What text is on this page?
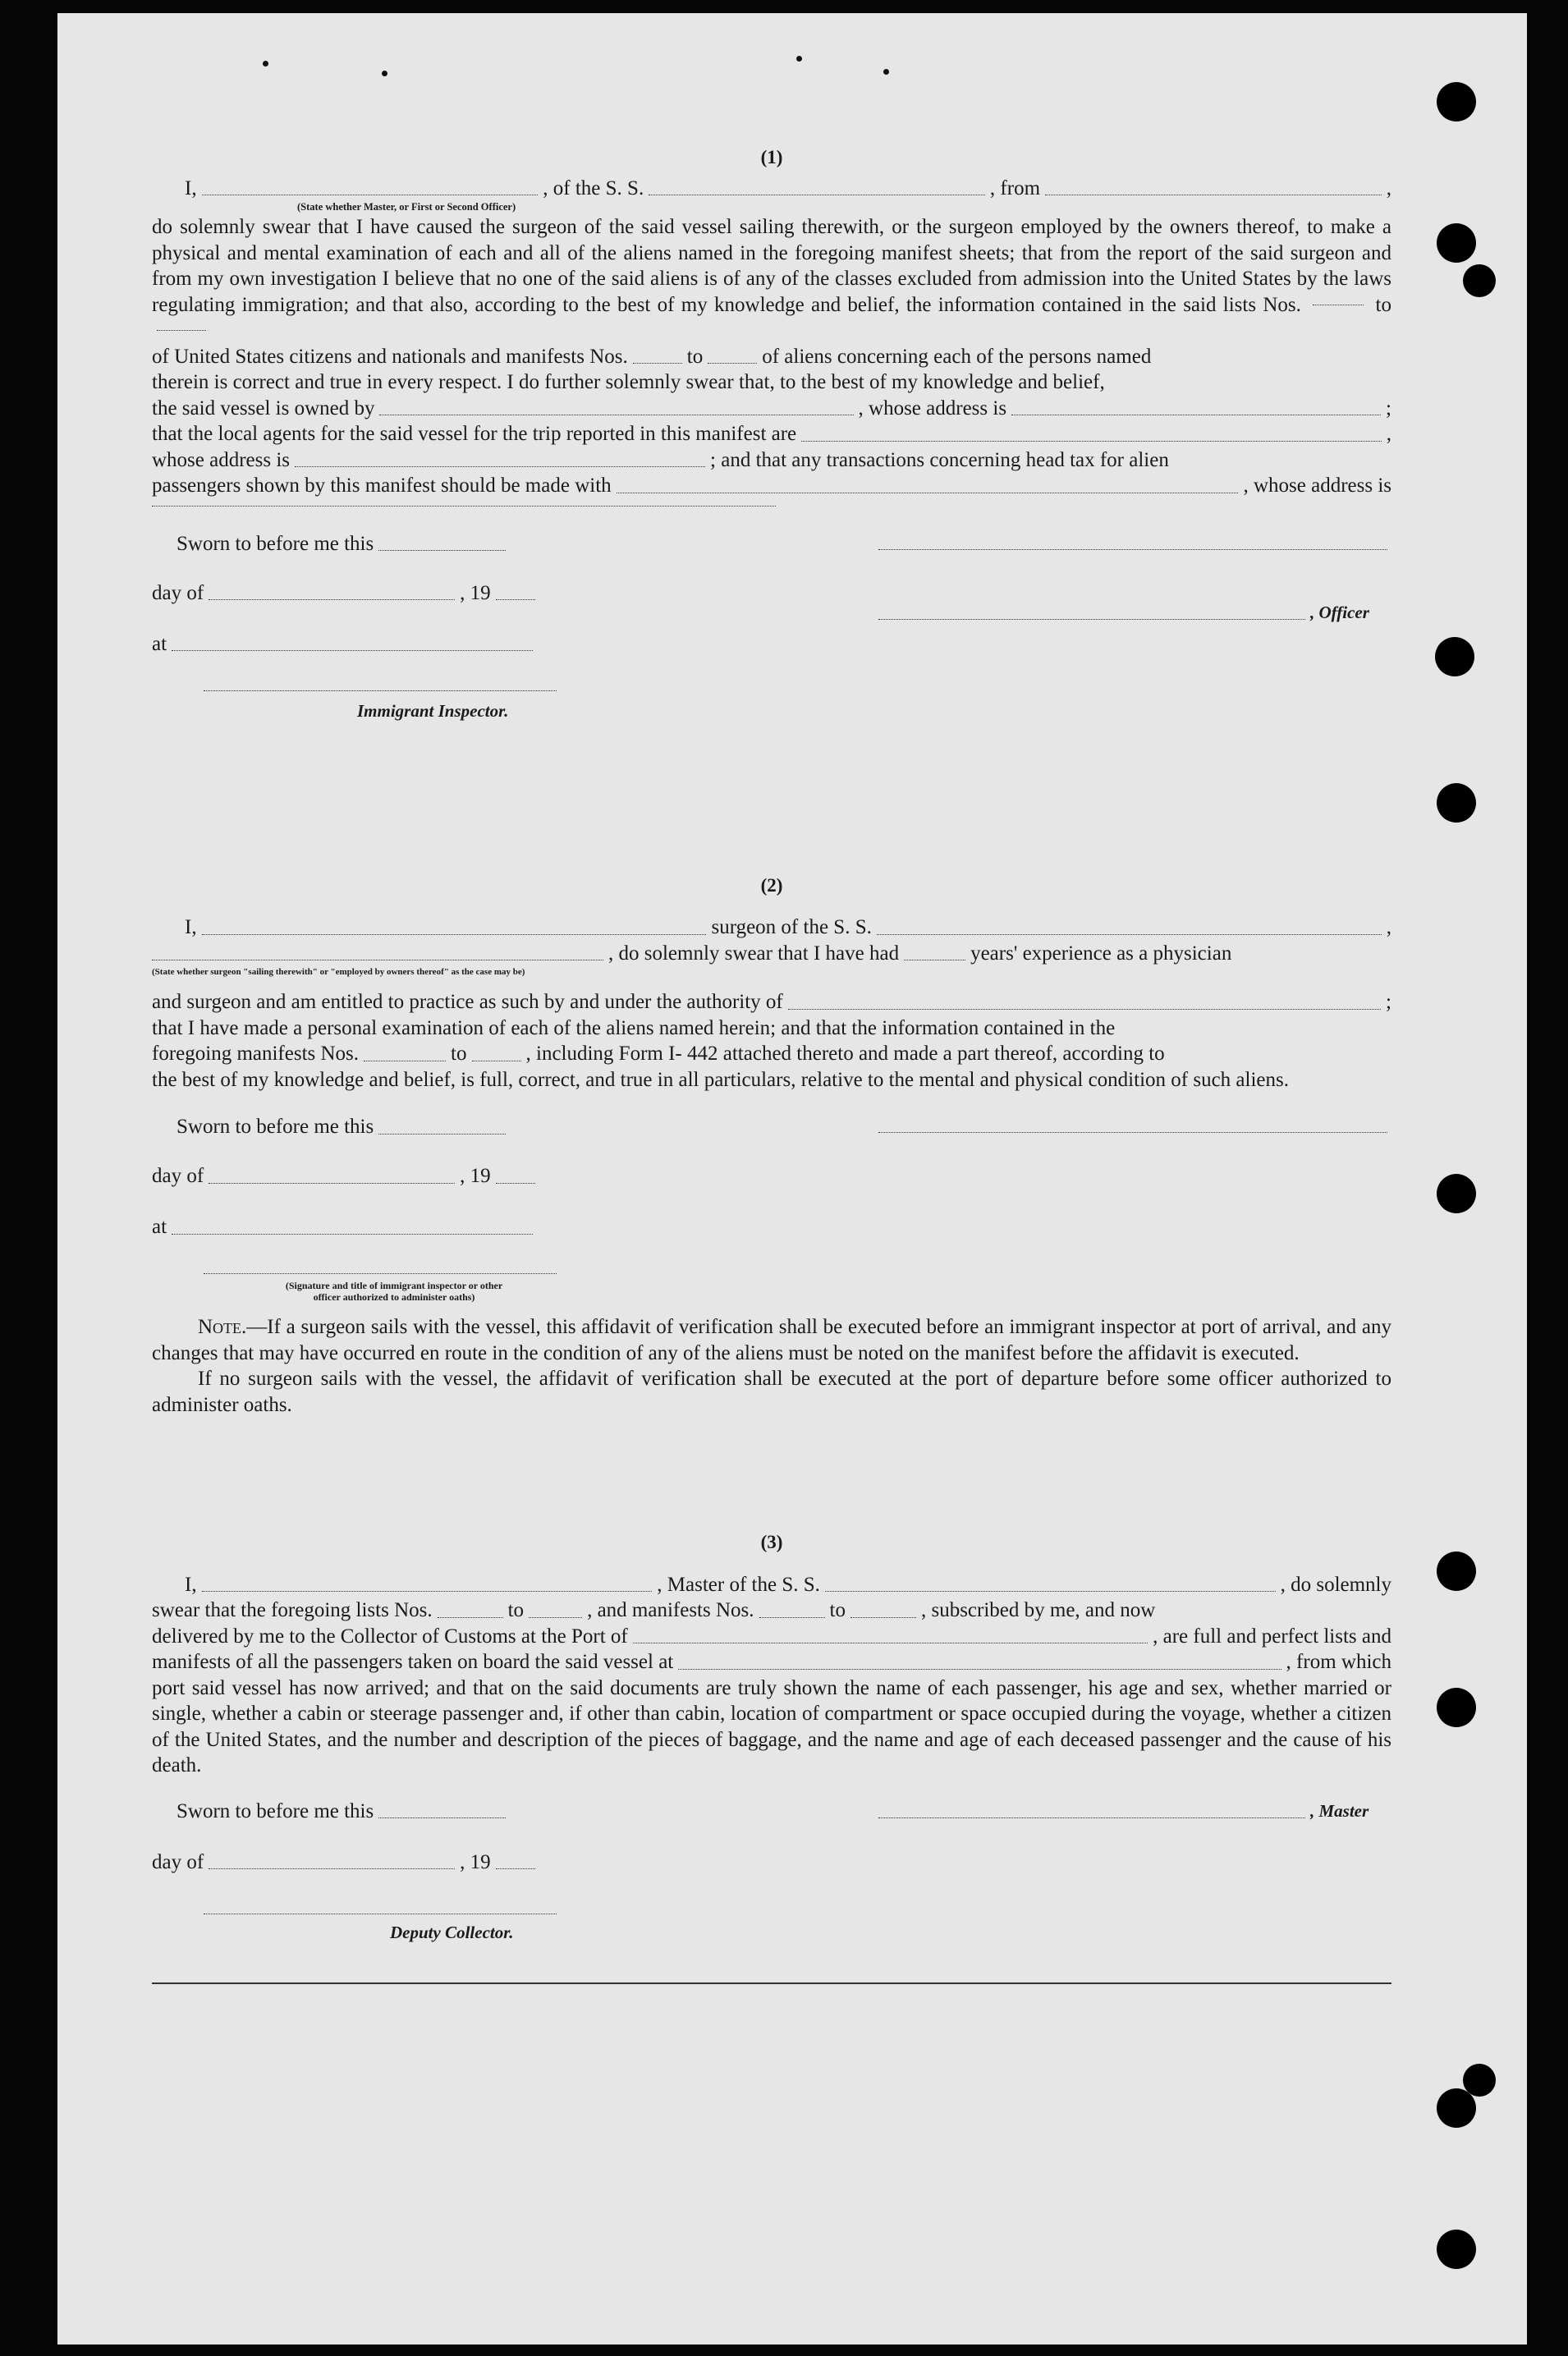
(1)
I,	, of the S. S.	, from	,
(State whether Master, or First or Second Officer)
do solemnly swear that I have caused the surgeon of the said vessel sailing therewith, or the surgeon employed by the owners thereof, to make a physical and mental examination of each and all of the aliens named in the foregoing manifest sheets; that from the report of the said surgeon and from my own investigation I believe that no one of the said aliens is of any of the classes excluded from admission into the United States by the laws regulating immigration; and that also, according to the best of my knowledge and belief, the information contained in the said lists Nos.	to
of United States citizens and nationals and manifests Nos.	to	of aliens concerning each of the persons named
therein is correct and true in every respect. I do further solemnly swear that, to the best of my knowledge and belief,
the said vessel is owned by	, whose address is	;
that the local agents for the said vessel for the trip reported in this manifest are	,
whose address is	; and that any transactions concerning head tax for alien
passengers shown by this manifest should be made with	, whose address is
Sworn to before me this
day of	, 19
at
Immigrant Inspector.
, Officer
(2)
I,	surgeon of the S. S.	,
, do solemnly swear that I have had	years' experience as a physician
(State whether surgeon "sailing therewith" or "employed by owners thereof" as the case may be)
and surgeon and am entitled to practice as such by and under the authority of	;
that I have made a personal examination of each of the aliens named herein; and that the information contained in the
foregoing manifests Nos.	to	, including Form I- 442 attached thereto and made a part thereof, according to
the best of my knowledge and belief, is full, correct, and true in all particulars, relative to the mental and physical condition of such aliens.
Sworn to before me this
day of	, 19
at
(Signature and title of immigrant inspector or other officer authorized to administer oaths)
Note.—If a surgeon sails with the vessel, this affidavit of verification shall be executed before an immigrant inspector at port of arrival, and any changes that may have occurred en route in the condition of any of the aliens must be noted on the manifest before the affidavit is executed.
If no surgeon sails with the vessel, the affidavit of verification shall be executed at the port of departure before some officer authorized to administer oaths.
(3)
I,	, Master of the S. S.	, do solemnly
swear that the foregoing lists Nos.	to	, and manifests Nos.	to	, subscribed by me, and now
delivered by me to the Collector of Customs at the Port of	, are full and perfect lists and
manifests of all the passengers taken on board the said vessel at	, from which
port said vessel has now arrived; and that on the said documents are truly shown the name of each passenger, his age and sex, whether married or single, whether a cabin or steerage passenger and, if other than cabin, location of compartment or space occupied during the voyage, whether a citizen of the United States, and the number and description of the pieces of baggage, and the name and age of each deceased passenger and the cause of his death.
Sworn to before me this	, Master
day of	, 19
Deputy Collector.
